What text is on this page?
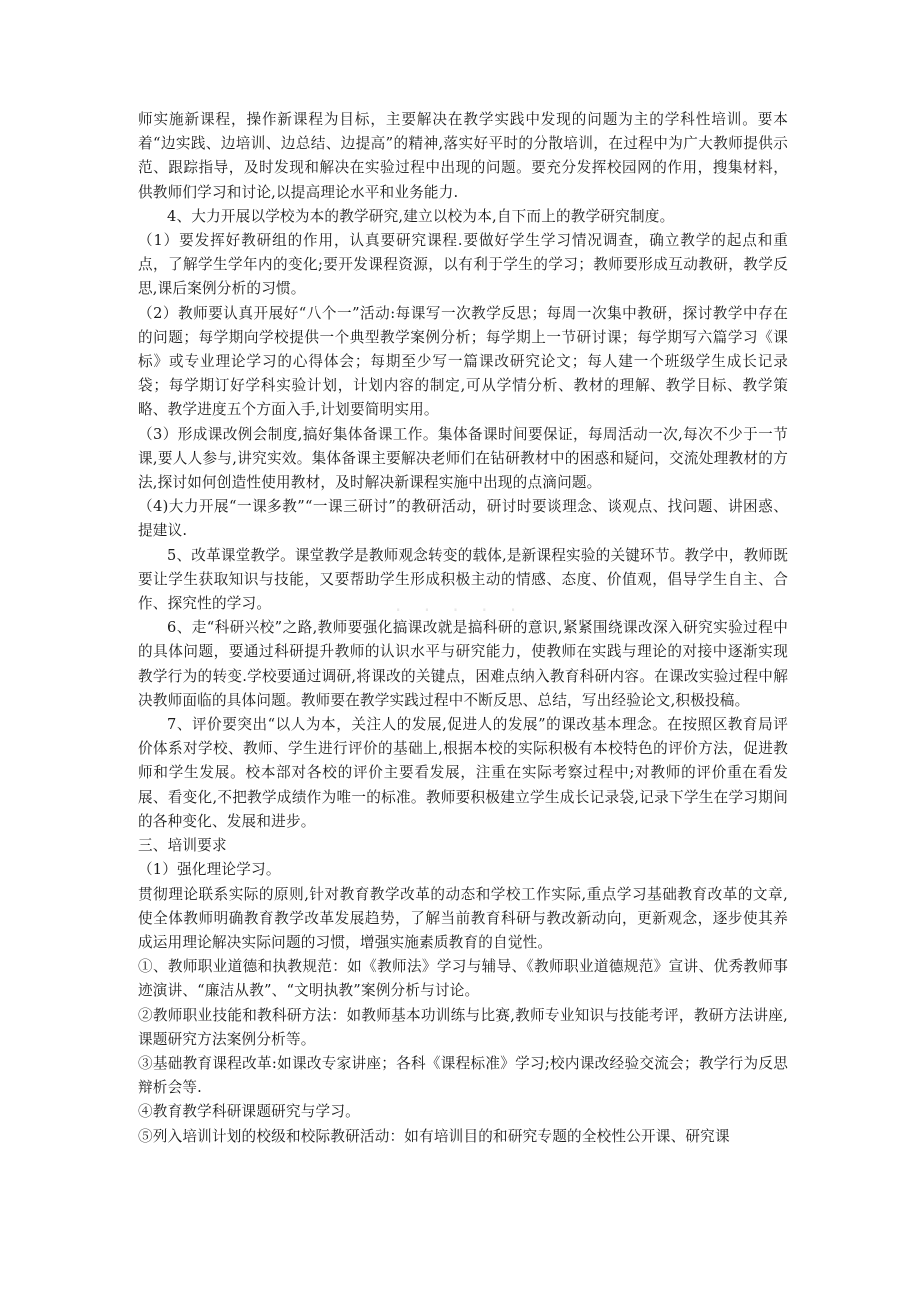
师实施新课程，操作新课程为目标，主要解决在教学实践中发现的问题为主的学科性培训。要本着“边实践、边培训、边总结、边提高”的精神,落实好平时的分散培训，在过程中为广大教师提供示范、跟踪指导，及时发现和解决在实验过程中出现的问题。要充分发挥校园网的作用，搜集材料，供教师们学习和讨论,以提高理论水平和业务能力.

4、大力开展以学校为本的教学研究,建立以校为本,自下而上的教学研究制度。

（1）要发挥好教研组的作用，认真要研究课程.要做好学生学习情况调查，确立教学的起点和重点，了解学生学年内的变化;要开发课程资源，以有利于学生的学习；教师要形成互动教研，教学反思,课后案例分析的习惯。

（2）教师要认真开展好“八个一”活动:每课写一次教学反思；每周一次集中教研，探讨教学中存在的问题；每学期向学校提供一个典型教学案例分析；每学期上一节研讨课；每学期写六篇学习《课标》或专业理论学习的心得体会；每期至少写一篇课改研究论文；每人建一个班级学生成长记录袋；每学期订好学科实验计划，计划内容的制定,可从学情分析、教材的理解、教学目标、教学策略、教学进度五个方面入手,计划要简明实用。

（3）形成课改例会制度,搞好集体备课工作。集体备课时间要保证，每周活动一次,每次不少于一节课,要人人参与,讲究实效。集体备课主要解决老师们在钻研教材中的困惑和疑问，交流处理教材的方法,探讨如何创造性使用教材，及时解决新课程实施中出现的点滴问题。

（4)大力开展“一课多教”“一课三研讨”的教研活动，研讨时要谈理念、谈观点、找问题、讲困惑、提建议.

5、改革课堂教学。课堂教学是教师观念转变的载体,是新课程实验的关键环节。教学中，教师既要让学生获取知识与技能，又要帮助学生形成积极主动的情感、态度、价值观，倡导学生自主、合作、探究性的学习。

6、走“科研兴校”之路,教师要强化搞课改就是搞科研的意识,紧紧围绕课改深入研究实验过程中的具体问题，要通过科研提升教师的认识水平与研究能力，使教师在实践与理论的对接中逐渐实现教学行为的转变.学校要通过调研,将课改的关键点，困难点纳入教育科研内容。在课改实验过程中解决教师面临的具体问题。教师要在教学实践过程中不断反思、总结，写出经验论文,积极投稿。

7、评价要突出“以人为本，关注人的发展,促进人的发展”的课改基本理念。在按照区教育局评价体系对学校、教师、学生进行评价的基础上,根据本校的实际积极有本校特色的评价方法，促进教师和学生发展。校本部对各校的评价主要看发展，注重在实际考察过程中;对教师的评价重在看发展、看变化,不把教学成绩作为唯一的标准。教师要积极建立学生成长记录袋,记录下学生在学习期间的各种变化、发展和进步。

三、培训要求

（1）强化理论学习。

贯彻理论联系实际的原则,针对教育教学改革的动态和学校工作实际,重点学习基础教育改革的文章,使全体教师明确教育教学改革发展趋势，了解当前教育科研与教改新动向，更新观念，逐步使其养成运用理论解决实际问题的习惯，增强实施素质教育的自觉性。

①、教师职业道德和执教规范：如《教师法》学习与辅导、《教师职业道德规范》宣讲、优秀教师事迹演讲、“廉洁从教”、“文明执教”案例分析与讨论。

②教师职业技能和教科研方法：如教师基本功训练与比赛,教师专业知识与技能考评，教研方法讲座,课题研究方法案例分析等。

③基础教育课程改革:如课改专家讲座；各科《课程标准》学习;校内课改经验交流会；教学行为反思辩析会等.

④教育教学科研课题研究与学习。

⑤列入培训计划的校级和校际教研活动：如有培训目的和研究专题的全校性公开课、研究课

· · · · ·
